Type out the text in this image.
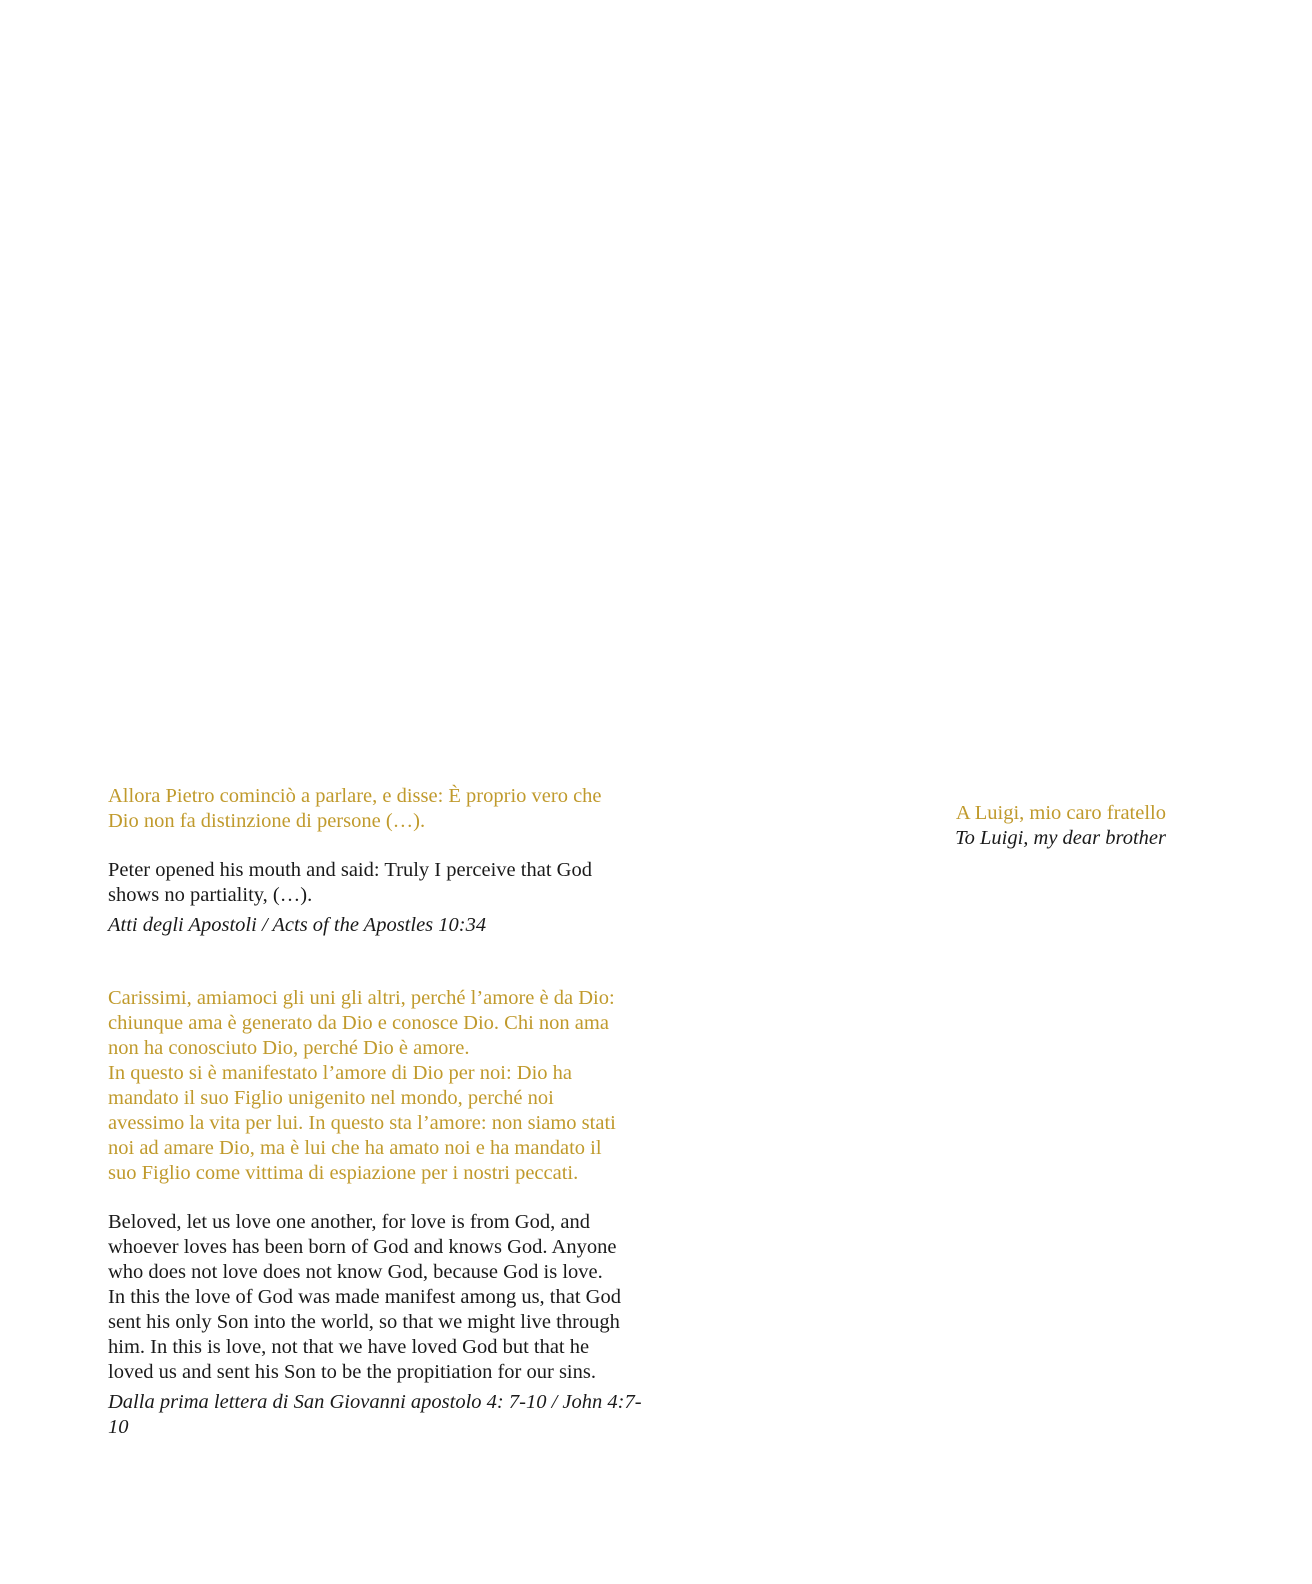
Allora Pietro cominciò a parlare, e disse: È proprio vero che
Dio non fa distinzione di persone (…).
Peter opened his mouth and said: Truly I perceive that God
shows no partiality, (…).
Atti degli Apostoli / Acts of the Apostles 10:34
Carissimi, amiamoci gli uni gli altri, perché l’amore è da Dio:
chiunque ama è generato da Dio e conosce Dio. Chi non ama
non ha conosciuto Dio, perché Dio è amore.
In questo si è manifestato l’amore di Dio per noi: Dio ha
mandato il suo Figlio unigenito nel mondo, perché noi
avessimo la vita per lui. In questo sta l’amore: non siamo stati
noi ad amare Dio, ma è lui che ha amato noi e ha mandato il
suo Figlio come vittima di espiazione per i nostri peccati.
Beloved, let us love one another, for love is from God, and
whoever loves has been born of God and knows God. Anyone
who does not love does not know God, because God is love.
In this the love of God was made manifest among us, that God
sent his only Son into the world, so that we might live through
him. In this is love, not that we have loved God but that he
loved us and sent his Son to be the propitiation for our sins.
Dalla prima lettera di San Giovanni apostolo 4: 7-10 / John 4:7-10
A Luigi, mio caro fratello
To Luigi, my dear brother
